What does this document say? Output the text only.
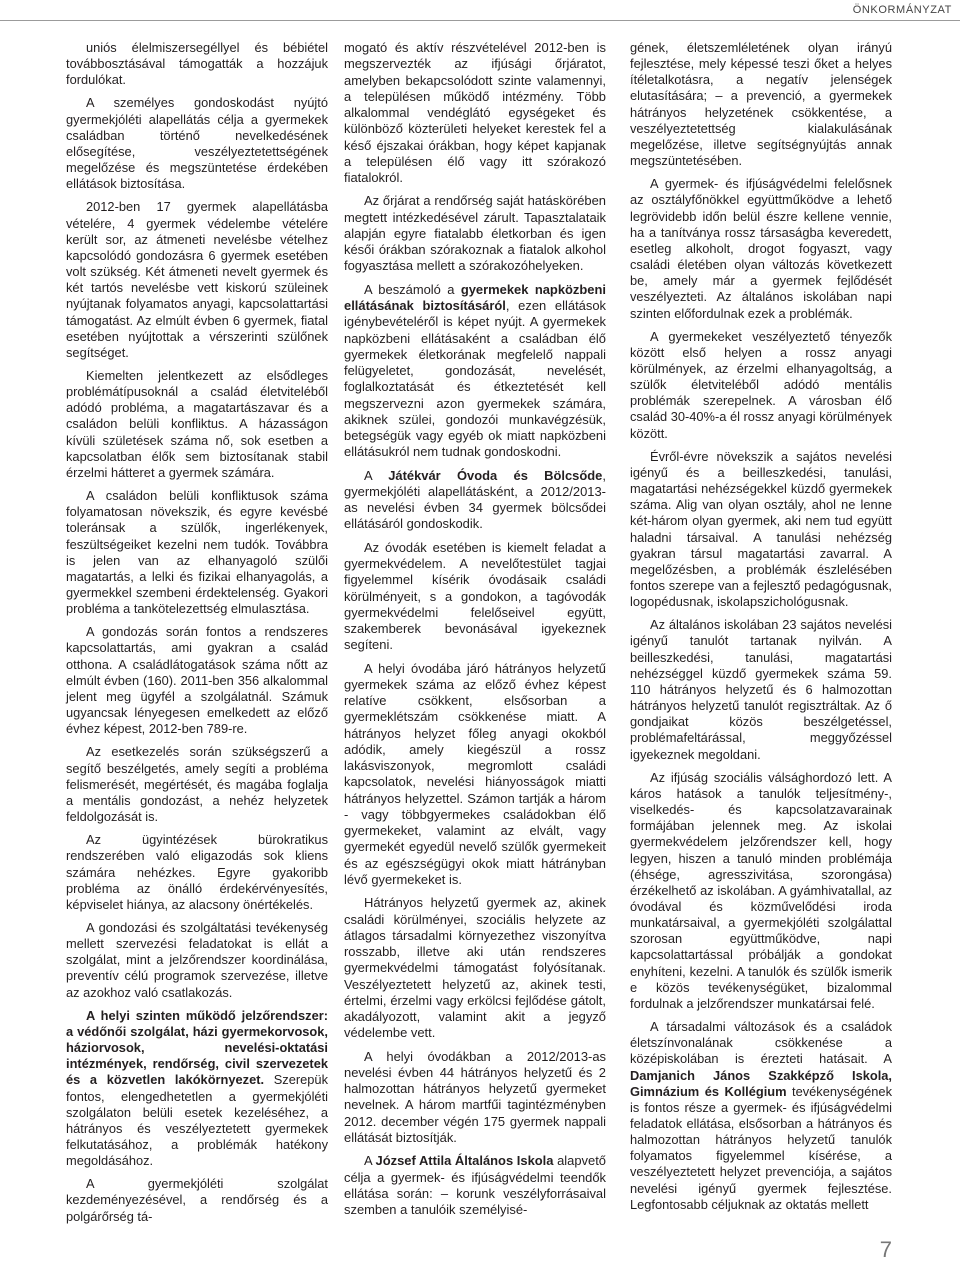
ÖNKORMÁNYZAT

uniós élelmiszersegéllyel és bébiétel továbbosztásával támogatták a hozzájuk fordulókat.

A személyes gondoskodást nyújtó gyermekjóléti alapellátás célja a gyermekek családban történő nevelkedésének elősegítése, veszélyeztetettségének megelőzése és megszüntetése érdekében ellátások biztosítása.

2012-ben 17 gyermek alapellátásba vételére, 4 gyermek védelembe vételére került sor, az átmeneti nevelésbe vételhez kapcsolódó gondozásra 6 gyermek esetében volt szükség. Két átmeneti nevelt gyermek és két tartós nevelésbe vett kiskorú szüleinek nyújtanak folyamatos anyagi, kapcsolattartási támogatást. Az elmúlt évben 6 gyermek, fiatal esetében nyújtottak a vérszerinti szülőnek segítséget.

Kiemelten jelentkezett az elsődleges problémátípusoknál a család életviteléből adódó probléma, a magatartászavar és a családon belüli konfliktus. A házasságon kívüli születések száma nő, sok esetben a kapcsolatban élők sem biztosítanak stabil érzelmi hátteret a gyermek számára.

A családon belüli konfliktusok száma folyamatosan növekszik, és egyre kevésbé toleránsak a szülők, ingerlékenyek, feszültségeiket kezelni nem tudók. Továbbra is jelen van az elhanyagoló szülői magatartás, a lelki és fizikai elhanyagolás, a gyermekkel szembeni érdektelenség. Gyakori probléma a tankötelezettség elmulasztása.

A gondozás során fontos a rendszeres kapcsolattartás, ami gyakran a család otthona. A családlátogatások száma nőtt az elmúlt évben (160). 2011-ben 356 alkalommal jelent meg ügyfél a szolgálatnál. Számuk ugyancsak lényegesen emelkedett az előző évhez képest, 2012-ben 789-re.

Az esetkezelés során szükségszerű a segítő beszélgetés, amely segíti a probléma felismerését, megértését, és magába foglalja a mentális gondozást, a nehéz helyzetek feldolgozását is.

Az ügyintézések bürokratikus rendszerében való eligazodás sok kliens számára nehézkes. Egyre gyakoribb probléma az önálló érdekérvényesítés, képviselet hiánya, az alacsony önértékelés.

A gondozási és szolgáltatási tevékenység mellett szervezési feladatokat is ellát a szolgálat, mint a jelzőrendszer koordinálása, preventív célú programok szervezése, illetve az azokhoz való csatlakozás.

A helyi szinten működő jelzőrendszer: a védőnői szolgálat, házi gyermekorvosok, háziorvosok, nevelési-oktatási intézmények, rendőrség, civil szervezetek és a közvetlen lakókörnyezet. Szerepük fontos, elengedhetetlen a gyermekjóléti szolgálaton belüli esetek kezeléséhez, a hátrányos és veszélyeztetett gyermekek felkutatásához, a problémák hatékony megoldásához.

A gyermekjóléti szolgálat kezdeményezésével, a rendőrség és a polgárőrség tá-

mogató és aktív részvételével 2012-ben is megszervezték az ifjúsági őrjáratot, amelyben bekapcsolódott szinte valamennyi, a településen működő intézmény. Több alkalommal vendéglátó egységeket és különböző közterületi helyeket kerestek fel a késő éjszakai órákban, hogy képet kapjanak a településen élő vagy itt szórakozó fiatalokról.

Az őrjárat a rendőrség saját hatáskörében megtett intézkedésével zárult. Tapasztalataik alapján egyre fiatalabb életkorban és igen késői órákban szórakoznak a fiatalok alkohol fogyasztása mellett a szórakozóhelyeken.

A beszámoló a gyermekek napközbeni ellátásának biztosításáról, ezen ellátások igénybevételéről is képet nyújt. A gyermekek napközbeni ellátásaként a családban élő gyermekek életkorának megfelelő nappali felügyeletet, gondozását, nevelését, foglalkoztatását és étkeztetését kell megszervezni azon gyermekek számára, akiknek szülei, gondozói munkavégzésük, betegségük vagy egyéb ok miatt napközbeni ellátásukról nem tudnak gondoskodni.

A Játékvár Óvoda és Bölcsőde, gyermekjóléti alapellátásként, a 2012/2013-as nevelési évben 34 gyermek bölcsődei ellátásáról gondoskodik.

Az óvodák esetében is kiemelt feladat a gyermekvédelem. A nevelőtestület tagjai figyelemmel kísérik óvodásaik családi körülményeit, s a gondokon, a tagóvodák gyermekvédelmi felelőseivel együtt, szakemberek bevonásával igyekeznek segíteni.

A helyi óvodába járó hátrányos helyzetű gyermekek száma az előző évhez képest relatíve csökkent, elsősorban a gyermeklétszám csökkenése miatt. A hátrányos helyzet főleg anyagi okokból adódik, amely kiegészül a rossz lakásviszonyok, megromlott családi kapcsolatok, nevelési hiányosságok miatti hátrányos helyzettel. Számon tartják a három - vagy többgyermekes családokban élő gyermekeket, valamint az elvált, vagy gyermekét egyedül nevelő szülők gyermekeit és az egészségügyi okok miatt hátrányban lévő gyermekeket is.

Hátrányos helyzetű gyermek az, akinek családi körülményei, szociális helyzete az átlagos társadalmi környezethez viszonyítva rosszabb, illetve aki után rendszeres gyermekvédelmi támogatást folyósítanak. Veszélyeztetett helyzetű az, akinek testi, értelmi, érzelmi vagy erkölcsi fejlődése gátolt, akadályozott, valamint akit a jegyző védelembe vett.

A helyi óvodákban a 2012/2013-as nevelési évben 44 hátrányos helyzetű és 2 halmozottan hátrányos helyzetű gyermeket nevelnek. A három martfűi tagintézményben 2012. december végén 175 gyermek nappali ellátását biztosítják.

A József Attila Általános Iskola alapvető célja a gyermek- és ifjúságvédelmi teendők ellátása során: – korunk veszélyforrásaival szemben a tanulóik személyisé-

gének, életszemléletének olyan irányú fejlesztése, mely képessé teszi őket a helyes ítéletalkotásra, a negatív jelenségek elutasítására; – a prevenció, a gyermekek hátrányos helyzetének csökkentése, a veszélyeztetettség kialakulásának megelőzése, illetve segítségnyújtás annak megszüntetésében.

A gyermek- és ifjúságvédelmi felelősnek az osztályfőnökkel együttműködve a lehető legrövidebb időn belül észre kellene vennie, ha a tanítványa rossz társaságba keveredett, esetleg alkoholt, drogot fogyaszt, vagy családi életében olyan változás következett be, amely már a gyermek fejlődését veszélyezteti. Az általános iskolában napi szinten előfordulnak ezek a problémák.

A gyermekeket veszélyeztető tényezők között első helyen a rossz anyagi körülmények, az érzelmi elhanyagoltság, a szülők életviteléből adódó mentális problémák szerepelnek. A városban élő család 30-40%-a él rossz anyagi körülmények között.

Évről-évre növekszik a sajátos nevelési igényű és a beilleszkedési, tanulási, magatartási nehézségekkel küzdő gyermekek száma. Alig van olyan osztály, ahol ne lenne két-három olyan gyermek, aki nem tud együtt haladni társaival. A tanulási nehézség gyakran társul magatartási zavarral. A megelőzésben, a problémák észlelésében fontos szerepe van a fejlesztő pedagógusnak, logopédusnak, iskolapszichológusnak.

Az általános iskolában 23 sajátos nevelési igényű tanulót tartanak nyilván. A beilleszkedési, tanulási, magatartási nehézséggel küzdő gyermekek száma 59. 110 hátrányos helyzetű és 6 halmozottan hátrányos helyzetű tanulót regisztráltak. Az ő gondjaikat közös beszélgetéssel, problémafeltárással, meggyőzéssel igyekeznek megoldani.

Az ifjúság szociális válsághordozó lett. A káros hatások a tanulók teljesítmény-, viselkedés- és kapcsolatzavarainak formájában jelennek meg. Az iskolai gyermekvédelem jelzőrendszer kell, hogy legyen, hiszen a tanuló minden problémája (éhsége, agresszivitása, szorongása) érzékelhető az iskolában. A gyámhivatallal, az óvodával és közművelődési iroda munkatársaival, a gyermekjóléti szolgálattal szorosan együttműködve, napi kapcsolattartással próbálják a gondokat enyhíteni, kezelni. A tanulók és szülők ismerik e közös tevékenységüket, bizalommal fordulnak a jelzőrendszer munkatársai felé.

A társadalmi változások és a családok életszínvonalának csökkenése a középiskolában is érezteti hatásait. A Damjanich János Szakképző Iskola, Gimnázium és Kollégium tevékenységének is fontos része a gyermek- és ifjúságvédelmi feladatok ellátása, elsősorban a hátrányos és halmozottan hátrányos helyzetű tanulók folyamatos figyelemmel kísérése, a veszélyeztetett helyzet prevenciója, a sajátos nevelési igényű gyermek fejlesztése. Legfontosabb céljuknak az oktatás mellett

7
